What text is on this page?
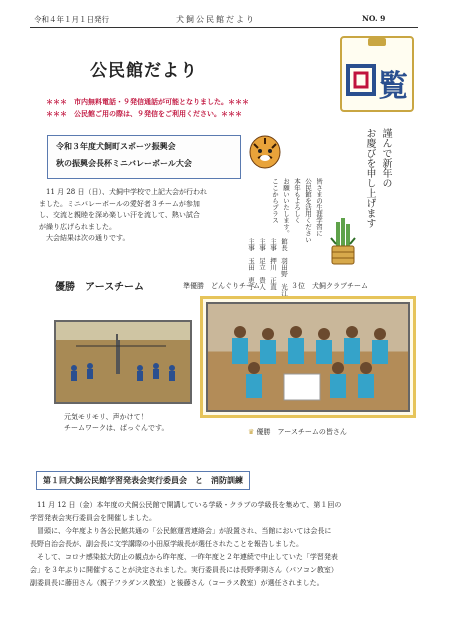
令和４年１月１日発行	犬飼公民館だより	NO. 9
公民館だより	覧
＊＊＊　市内無料電話・９発信通話が可能となりました。＊＊＊
＊＊＊　公民館ご用の際は、９発信をご利用ください。＊＊＊
令和３年度犬飼町スポーツ振興会
秋の振興会長杯ミニバレーボール大会	謹んで新年の
お慶びを申し上げます
皆さまの生涯学習に
公民館を活用ください
本年もよろしく
お願いいたします。
ここからプラス
館長　羽田野　光江
主事　押川　正直
主事　足立　貴人
主事　玉田　恵子
　11 月 28 日（日）、犬飼中学校で上記大会が行われ
ました。ミニバレーボールの愛好者３チームが参加
し、交流と親睦を深め楽しい汗を流して、熱い試合
が繰り広げられました。
　大会結果は次の通りです。
優勝　アースチーム	準優勝　どんぐりチーム	３位　犬飼クラブチーム
元気モリモリ、声かけて！
チームワークは、ばっぐんです。	♛ 優勝　アースチームの皆さん
第１回犬飼公民館学習発表会実行委員会　と　消防訓練
　11 月 12 日（金）本年度の犬飼公民館で開講している学級・クラブの学級長を集めて、第１回の
学習発表会実行委員会を開催しました。
　冒頭に、今年度より各公民館共通の「公民館運営連絡会」が設置され、当館においては会長に
長野自治会長が、副会長に文学講際の小田原学級長が選任されたことを報告しました。
　そして、コロナ感染拡大防止の観点から昨年度、一昨年度と２年連続で中止していた「学習発表
会」を３年ぶりに開催することが決定されました。実行委員長には長野孝則さん（パソコン教室）
副委員長に藤田さん（親子フラダンス教室）と後藤さん（コーラス教室）が選任されました。
